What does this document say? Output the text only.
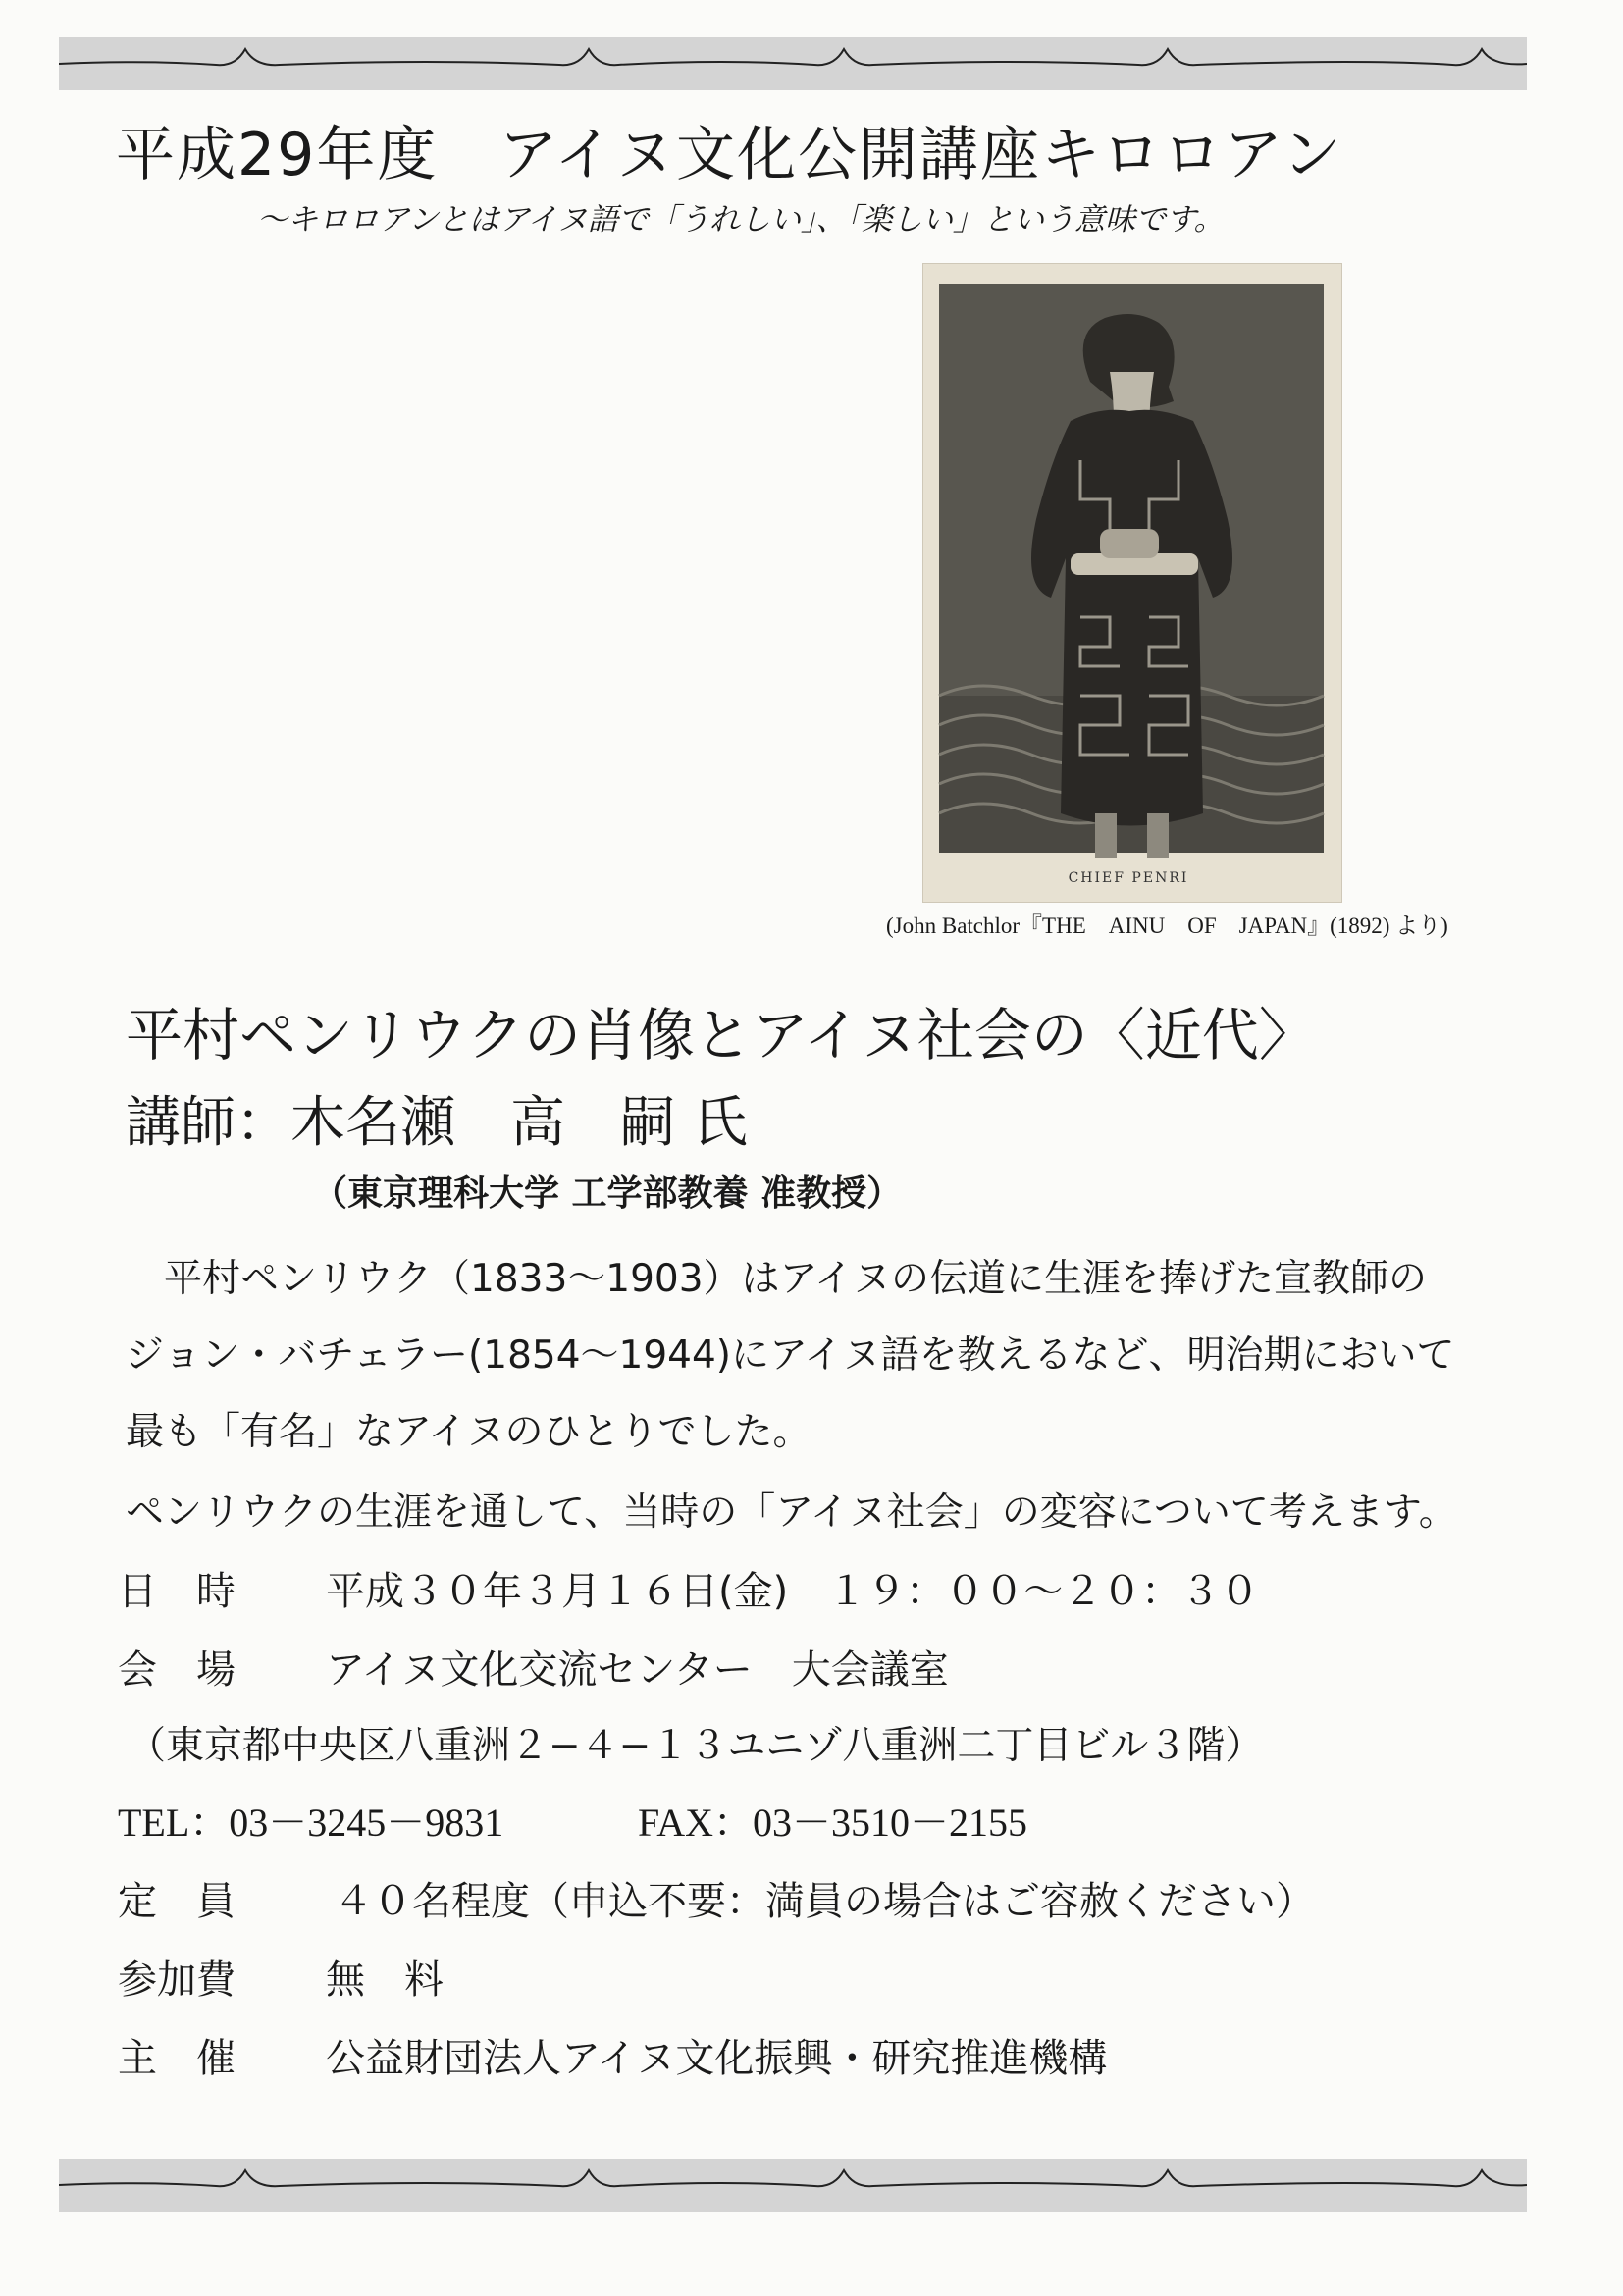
平成29年度　アイヌ文化公開講座キロロアン
～キロロアンとはアイヌ語で「うれしい」、「楽しい」という意味です。
CHIEF PENRI
(John Batchlor『THE　AINU　OF　JAPAN』(1892) より)
平村ペンリウクの肖像とアイヌ社会の〈近代〉
講師：木名瀬　高　嗣 氏
（東京理科大学 工学部教養 准教授）
　平村ペンリウク（1833～1903）はアイヌの伝道に生涯を捧げた宣教師の
ジョン・バチェラー(1854～1944)にアイヌ語を教えるなど、明治期において
最も「有名」なアイヌのひとりでした。
ペンリウクの生涯を通して、当時の「アイヌ社会」の変容について考えます。
日　時 平成３０年３月１６日(金)　１９：００～２０：３０
会　場 アイヌ文化交流センター　大会議室
（東京都中央区八重洲２−４−１３ユニゾ八重洲二丁目ビル３階）
TEL：03－3245－9831	FAX：03－3510－2155
定　員	４０名程度（申込不要：満員の場合はご容赦ください）
参加費 無　料
主　催 公益財団法人アイヌ文化振興・研究推進機構
